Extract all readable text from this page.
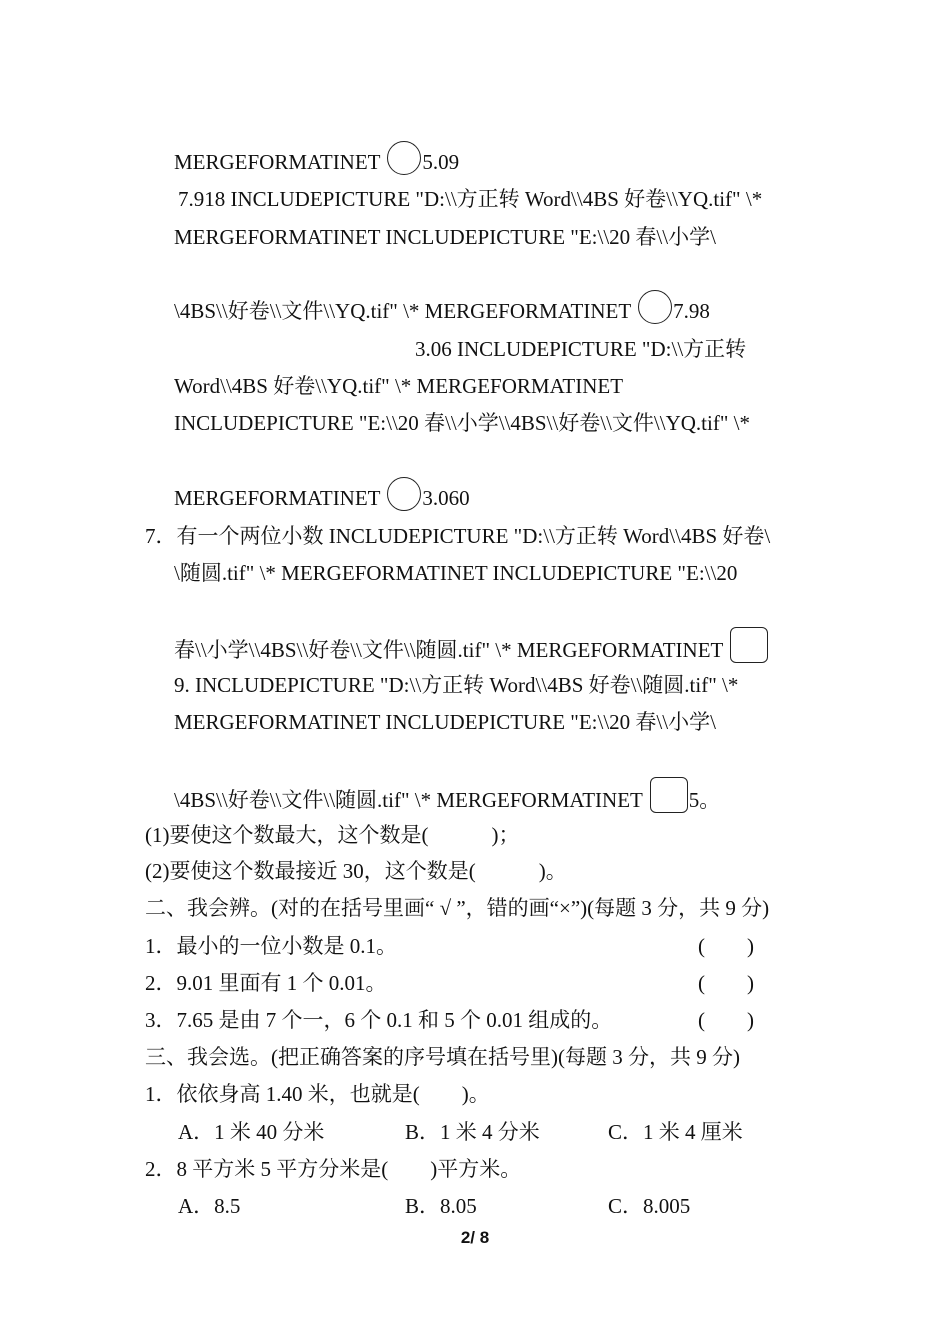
MERGEFORMATINET 5.09
7.918 INCLUDEPICTURE "D:\\方正转 Word\\4BS 好卷\\YQ.tif" \*
MERGEFORMATINET INCLUDEPICTURE "E:\\20 春\\小学\
\4BS\\好卷\\文件\\YQ.tif" \* MERGEFORMATINET 7.98
3.06 INCLUDEPICTURE "D:\\方正转
Word\\4BS 好卷\\YQ.tif" \* MERGEFORMATINET
INCLUDEPICTURE "E:\\20 春\\小学\\4BS\\好卷\\文件\\YQ.tif" \*
MERGEFORMATINET 3.060
7．有一个两位小数 INCLUDEPICTURE "D:\\方正转 Word\\4BS 好卷\
\随圆.tif" \* MERGEFORMATINET INCLUDEPICTURE "E:\\20
春\\小学\\4BS\\好卷\\文件\\随圆.tif" \* MERGEFORMATINET
9. INCLUDEPICTURE "D:\\方正转 Word\\4BS 好卷\\随圆.tif" \*
MERGEFORMATINET INCLUDEPICTURE "E:\\20 春\\小学\
\4BS\\好卷\\文件\\随圆.tif" \* MERGEFORMATINET 5。
(1)要使这个数最大，这个数是(　　　)；
(2)要使这个数最接近 30，这个数是(　　　)。
二、我会辨。(对的在括号里画“ √ ”，错的画“×”)(每题 3 分，共 9 分)
1．最小的一位小数是 0.1。	(　　)
2．9.01 里面有 1 个 0.01。	(　　)
3．7.65 是由 7 个一，6 个 0.1 和 5 个 0.01 组成的。	(　　)
三、我会选。(把正确答案的序号填在括号里)(每题 3 分，共 9 分)
1．依依身高 1.40 米，也就是(　　)。
A．1 米 40 分米	B．1 米 4 分米	C．1 米 4 厘米
2．8 平方米 5 平方分米是(　　)平方米。
A．8.5	B．8.05	C．8.005
2/ 8
